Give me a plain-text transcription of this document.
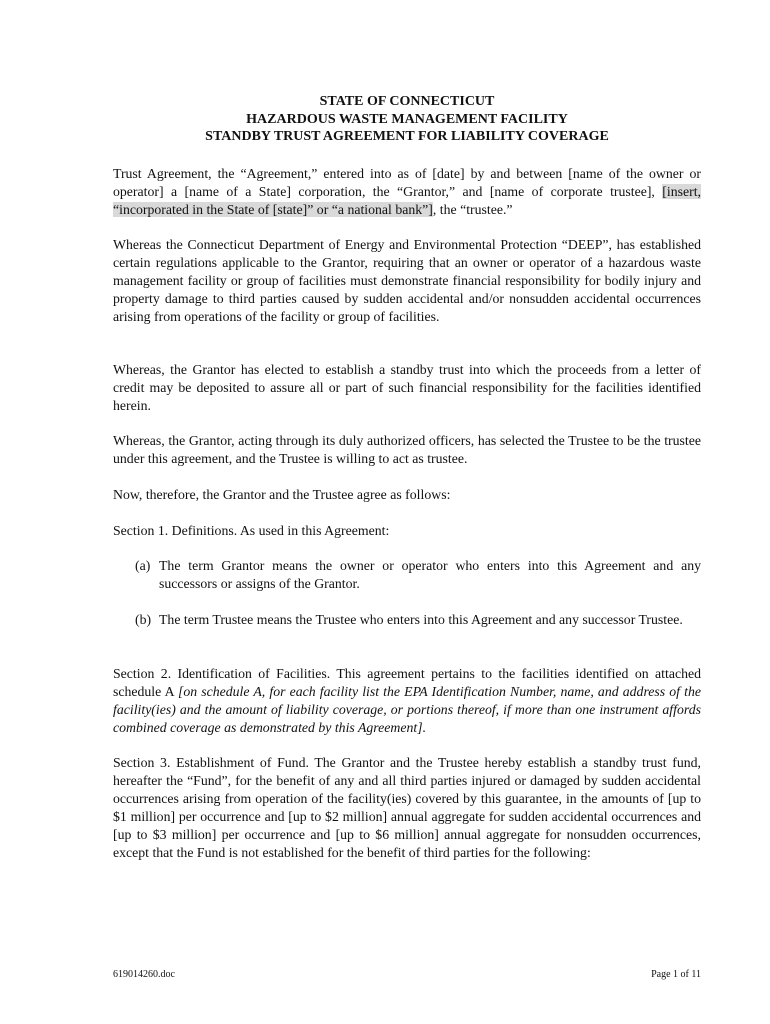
STATE OF CONNECTICUT
HAZARDOUS WASTE MANAGEMENT FACILITY
STANDBY TRUST AGREEMENT FOR LIABILITY COVERAGE

Trust Agreement, the “Agreement,” entered into as of [date] by and between [name of the owner or operator] a [name of a State] corporation, the “Grantor,” and [name of corporate trustee], [insert, “incorporated in the State of [state]” or “a national bank”], the “trustee.”

Whereas the Connecticut Department of Energy and Environmental Protection “DEEP”, has established certain regulations applicable to the Grantor, requiring that an owner or operator of a hazardous waste management facility or group of facilities must demonstrate financial responsibility for bodily injury and property damage to third parties caused by sudden accidental and/or nonsudden accidental occurrences arising from operations of the facility or group of facilities.

Whereas, the Grantor has elected to establish a standby trust into which the proceeds from a letter of credit may be deposited to assure all or part of such financial responsibility for the facilities identified herein.

Whereas, the Grantor, acting through its duly authorized officers, has selected the Trustee to be the trustee under this agreement, and the Trustee is willing to act as trustee.

Now, therefore, the Grantor and the Trustee agree as follows:

Section 1. Definitions. As used in this Agreement:

(a) The term Grantor means the owner or operator who enters into this Agreement and any successors or assigns of the Grantor.
(b) The term Trustee means the Trustee who enters into this Agreement and any successor Trustee.

Section 2. Identification of Facilities. This agreement pertains to the facilities identified on attached schedule A [on schedule A, for each facility list the EPA Identification Number, name, and address of the facility(ies) and the amount of liability coverage, or portions thereof, if more than one instrument affords combined coverage as demonstrated by this Agreement].

Section 3. Establishment of Fund. The Grantor and the Trustee hereby establish a standby trust fund, hereafter the “Fund”, for the benefit of any and all third parties injured or damaged by sudden accidental occurrences arising from operation of the facility(ies) covered by this guarantee, in the amounts of [up to $1 million] per occurrence and [up to $2 million] annual aggregate for sudden accidental occurrences and [up to $3 million] per occurrence and [up to $6 million] annual aggregate for nonsudden occurrences, except that the Fund is not established for the benefit of third parties for the following:

619014260.doc	Page 1 of 11
